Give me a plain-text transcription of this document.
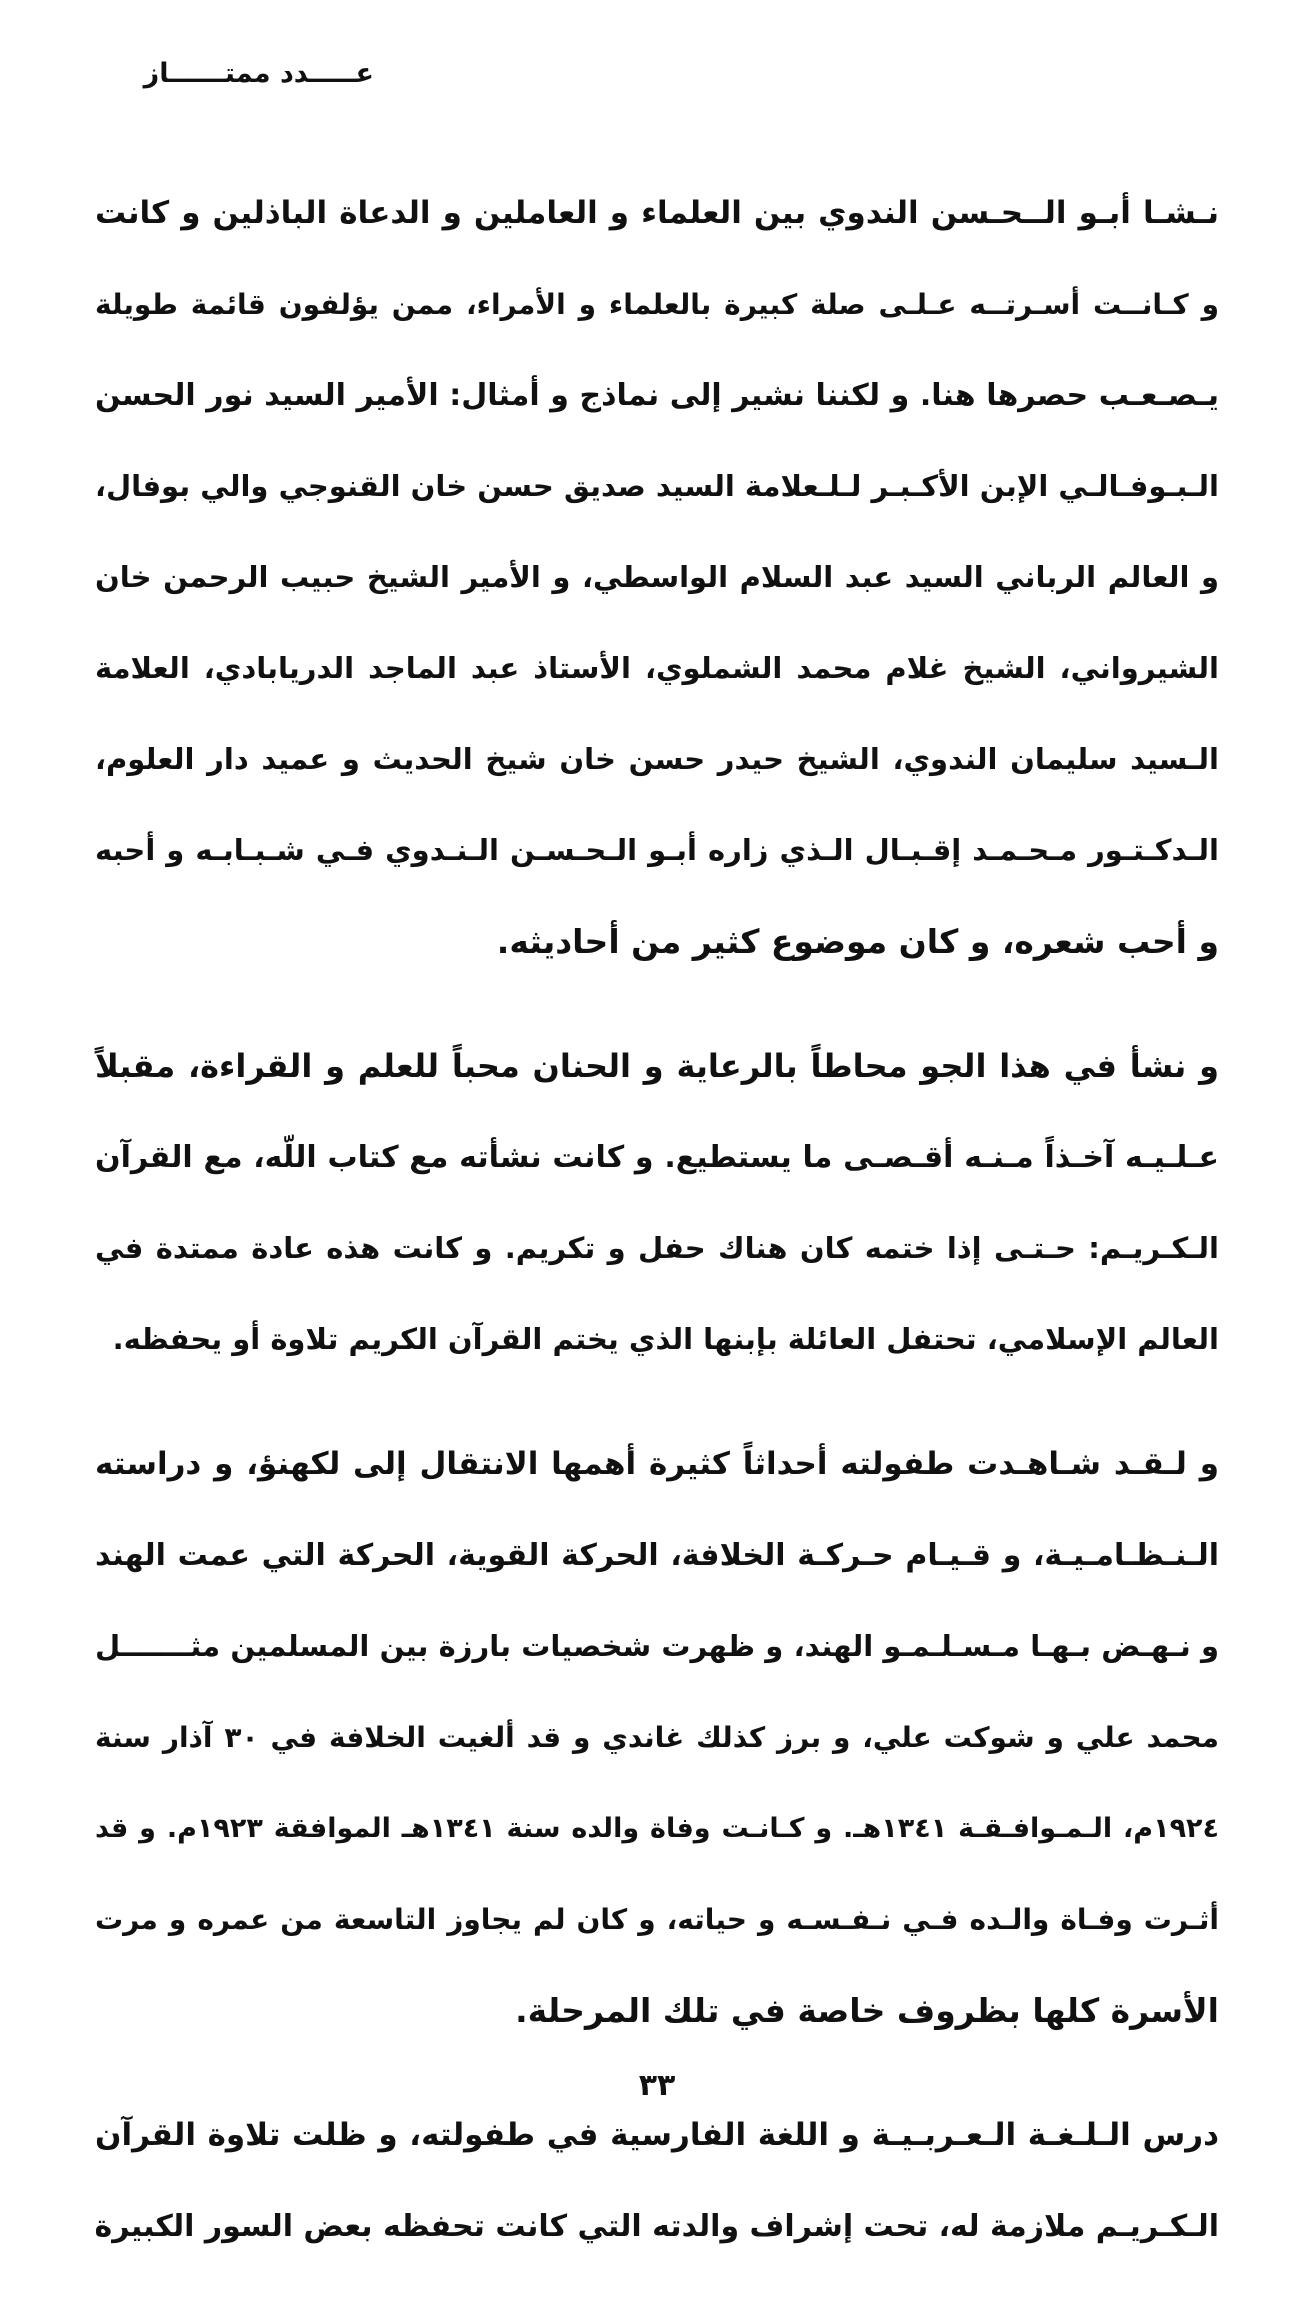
عـــــدد ممتــــــاز
نـشـا أبـو الــحـسن الندوي بين العلماء و العاملين و الدعاة الباذلين و كانت
و كـانــت أسـرتــه عـلـى صلة كبيرة بالعلماء و الأمراء، ممن يؤلفون قائمة طويلة
يـصـعـب حصرها هنا. و لكننا نشير إلى نماذج و أمثال: الأمير السيد نور الحسن
الـبـوفـالـي الإبن الأكـبـر لـلـعلامة السيد صديق حسن خان القنوجي والي بوفال،
و العالم الرباني السيد عبد السلام الواسطي، و الأمير الشيخ حبيب الرحمن خان
الشيرواني، الشيخ غلام محمد الشملوي، الأستاذ عبد الماجد الدريابادي، العلامة
الـسيد سليمان الندوي، الشيخ حيدر حسن خان شيخ الحديث و عميد دار العلوم،
الـدكـتـور مـحـمـد إقـبـال الـذي زاره أبـو الـحـسـن الـنـدوي فـي شـبـابـه و أحبه
و أحب شعره، و كان موضوع كثير من أحاديثه.
و نشأ في هذا الجو محاطاً بالرعاية و الحنان محباً للعلم و القراءة، مقبلاً
عـلـيـه آخـذاً مـنـه أقـصـى ما يستطيع. و كانت نشأته مع كتاب اللّه، مع القرآن
الـكـريـم: حـتـى إذا ختمه كان هناك حفل و تكريم. و كانت هذه عادة ممتدة في
العالم الإسلامي، تحتفل العائلة بإبنها الذي يختم القرآن الكريم تلاوة أو يحفظه.
و لـقـد شـاهـدت طفولته أحداثاً كثيرة أهمها الانتقال إلى لكهنؤ، و دراسته
الـنـظـامـيـة، و قـيـام حـركـة الخلافة، الحركة القوية، الحركة التي عمت الهند
و نـهـض بـهـا مـسـلـمـو الهند، و ظهرت شخصيات بارزة بين المسلمين مثـــــــل
محمد علي و شوكت علي، و برز كذلك غاندي و قد ألغيت الخلافة في ٣٠ آذار سنة
١٩٢٤م، الـمـوافـقـة ١٣٤١هـ. و كـانـت وفاة والده سنة ١٣٤١هـ الموافقة ١٩٢٣م. و قد
أثـرت وفـاة والـده فـي نـفـسـه و حياته، و كان لم يجاوز التاسعة من عمره و مرت
الأسرة كلها بظروف خاصة في تلك المرحلة.
درس الـلـغـة الـعـربـيـة و اللغة الفارسية في طفولته، و ظلت تلاوة القرآن
الـكـريـم ملازمة له، تحت إشراف والدته التي كانت تحفظه بعض السور الكبيرة
٣٣
